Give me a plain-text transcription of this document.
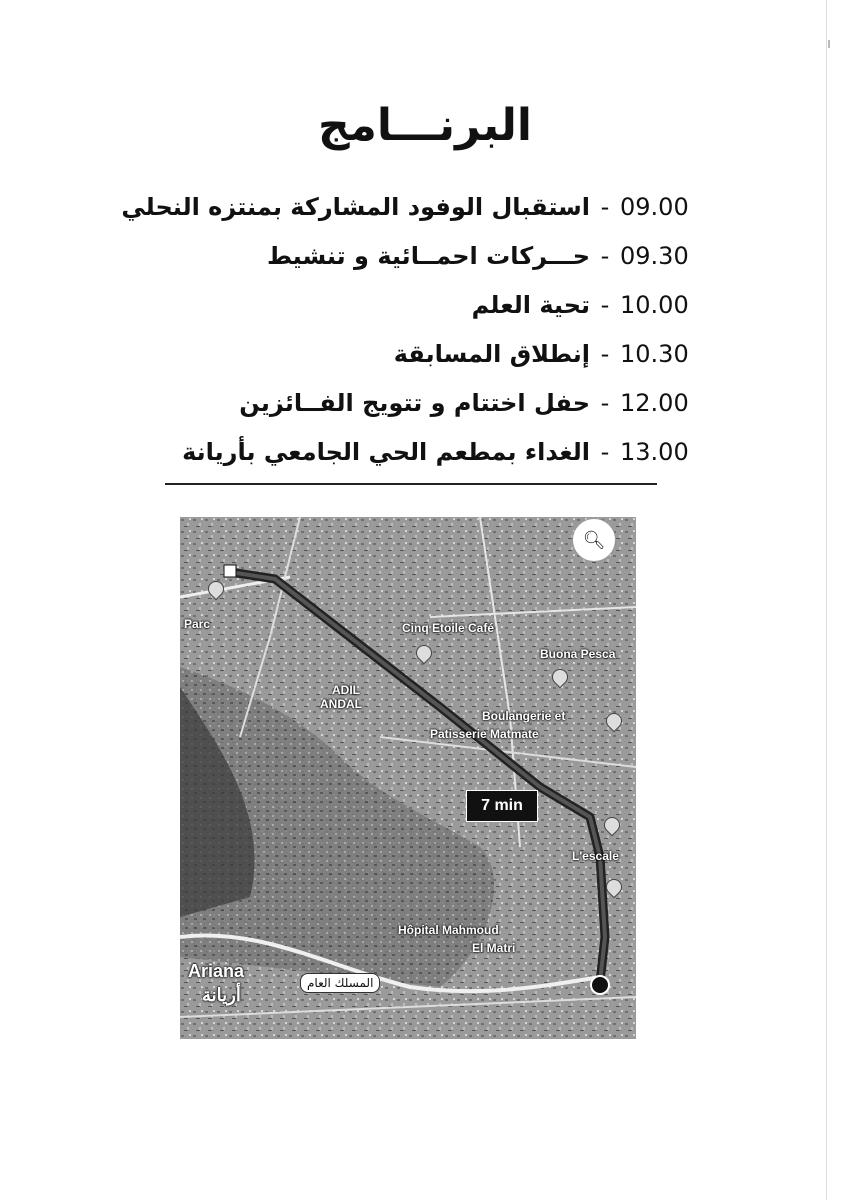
البرنـــامج
09.00
-
استقبال الوفود المشاركة بمنتزه النحلي
09.30
-
حـــركات احمــائية و تنشيط
10.00
-
تحية العلم
10.30
-
إنطلاق المسابقة
12.00
-
حفل اختتام و تتويج الفــائزين
13.00
-
الغداء بمطعم الحي الجامعي بأريانة
Cinq Etoile Café
Buona Pesca
Boulangerie et
Patisserie Matmate
Hôpital Mahmoud
El Matri
Parc
ADIL
ANDAL
L'escale
Ariana
أريانة
🔍︎
7 min
المسلك العام
